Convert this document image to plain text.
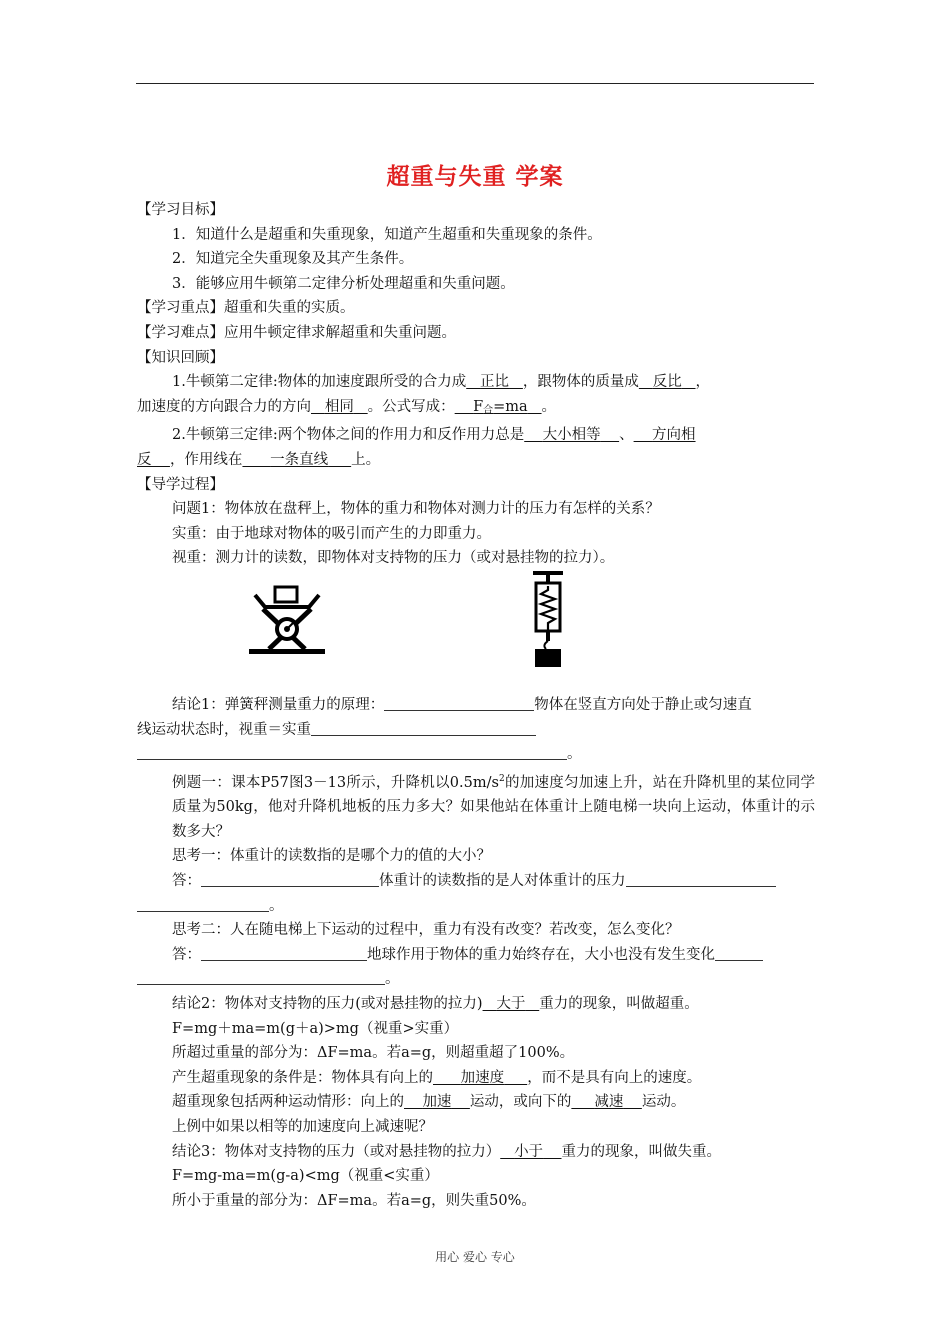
超重与失重 学案

【学习目标】

1．知道什么是超重和失重现象，知道产生超重和失重现象的条件。

2．知道完全失重现象及其产生条件。

3．能够应用牛顿第二定律分析处理超重和失重问题。

【学习重点】超重和失重的实质。

【学习难点】应用牛顿定律求解超重和失重问题。

【知识回顾】

1.牛顿第二定律:物体的加速度跟所受的合力成 正比 ，跟物体的质量成 反比 ，

加速度的方向跟合力的方向 相同 。公式写成： $F_合=ma$ 。

2.牛顿第三定律:两个物体之间的作用力和反作用力总是 大小相等 、 方向相

反 ，作用线在 一条直线 上。

【导学过程】

问题1：物体放在盘秤上，物体的重力和物体对测力计的压力有怎样的关系？

实重：由于地球对物体的吸引而产生的力即重力。

视重：测力计的读数，即物体对支持物的压力（或对悬挂物的拉力）。

结论1：弹簧秤测量重力的原理：	物体在竖直方向处于静止或匀速直

线运动状态时，视重＝实重

。

例题一：课本P57图3－13所示，升降机以$0.5m/s^2$的加速度匀加速上升，站在升降机里的某位同学质量为50kg，他对升降机地板的压力多大？如果他站在体重计上随电梯一块向上运动，体重计的示数多大？

思考一：体重计的读数指的是哪个力的值的大小？

答：	体重计的读数指的是人对体重计的压力

。

思考二：人在随电梯上下运动的过程中，重力有没有改变？若改变，怎么变化？

答：	地球作用于物体的重力始终存在，大小也没有发生变化

。

结论2：物体对支持物的压力(或对悬挂物的拉力) 大于 重力的现象，叫做超重。

F=mg＋ma=m(g＋a)>mg（视重>实重）

所超过重量的部分为：ΔF=ma。若a=g，则超重超了100%。

产生超重现象的条件是：物体具有向上的 加速度 ，而不是具有向上的速度。

超重现象包括两种运动情形：向上的 加速 运动，或向下的 减速 运动。

上例中如果以相等的加速度向上减速呢？

结论3：物体对支持物的压力（或对悬挂物的拉力） 小于 重力的现象，叫做失重。

F=mg-ma=m(g-a)<mg（视重<实重）

所小于重量的部分为：ΔF=ma。若a=g，则失重50%。

用心 爱心 专心
